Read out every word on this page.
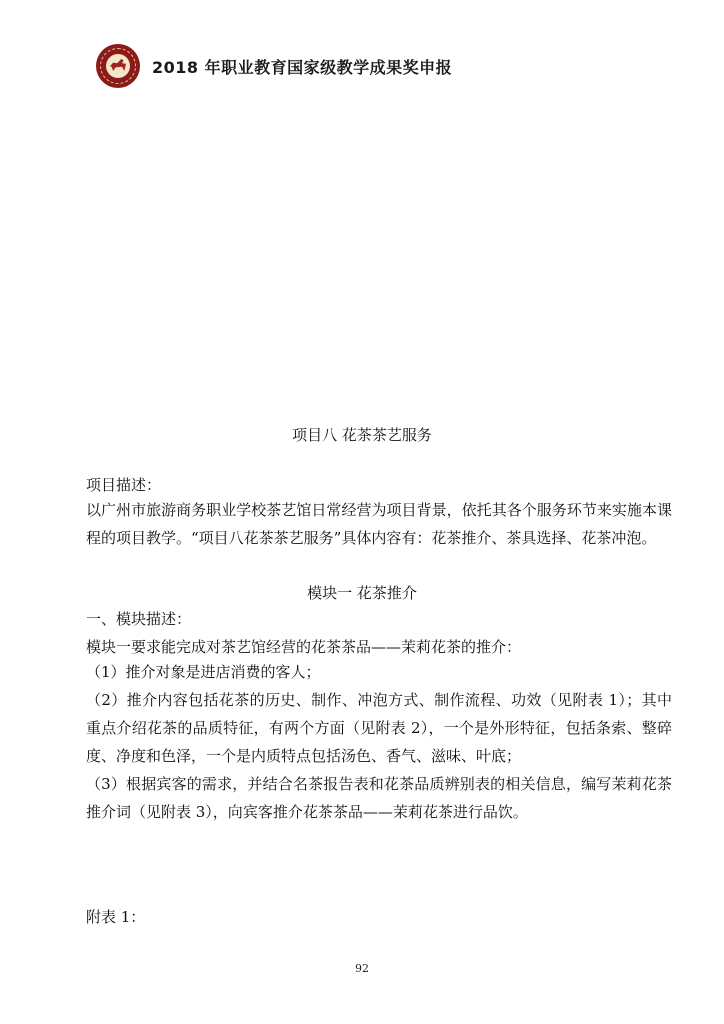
2018 年职业教育国家级教学成果奖申报
项目八 花茶茶艺服务
项目描述：
以广州市旅游商务职业学校茶艺馆日常经营为项目背景，依托其各个服务环节来实施本课程的项目教学。“项目八花茶茶艺服务”具体内容有：花茶推介、茶具选择、花茶冲泡。
模块一 花茶推介
一、模块描述：
模块一要求能完成对茶艺馆经营的花茶茶品——茉莉花茶的推介：
（1）推介对象是进店消费的客人；
（2）推介内容包括花茶的历史、制作、冲泡方式、制作流程、功效（见附表 1）；其中重点介绍花茶的品质特征，有两个方面（见附表 2），一个是外形特征，包括条索、整碎度、净度和色泽，一个是内质特点包括汤色、香气、滋味、叶底；
（3）根据宾客的需求，并结合名茶报告表和花茶品质辨别表的相关信息，编写茉莉花茶推介词（见附表 3），向宾客推介花茶茶品——茉莉花茶进行品饮。
附表 1：
92
